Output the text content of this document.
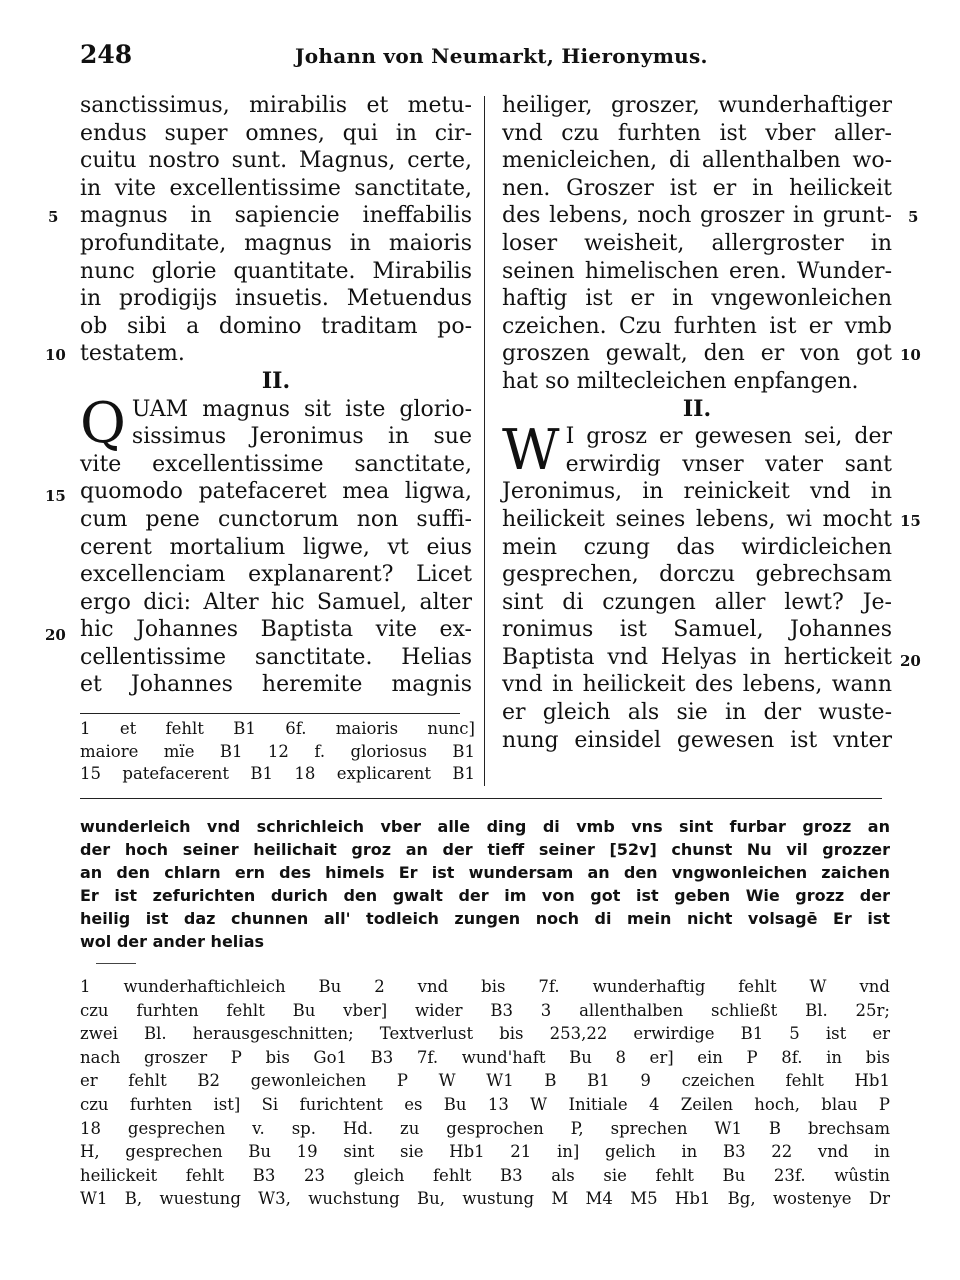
248	Johann von Neumarkt, Hieronymus.
sanctissimus, mirabilis et metu-
endus super omnes, qui in cir-
cuitu nostro sunt. Magnus, certe,
in vite excellentissime sanctitate,
magnus in sapiencie ineffabilis
profunditate, magnus in maioris
nunc glorie quantitate. Mirabilis
in prodigijs insuetis. Metuendus
ob sibi a domino traditam po-
testatem.
II.
Q UAM magnus sit iste glorio-
sissimus Jeronimus in sue
vite excellentissime sanctitate,
quomodo patefaceret mea ligwa,
cum pene cunctorum non suffi-
cerent mortalium ligwe, vt eius
excellenciam explanarent? Licet
ergo dici: Alter hic Samuel, alter
hic Johannes Baptista vite ex-
cellentissime sanctitate. Helias
et Johannes heremite magnis
heiliger, groszer, wunderhaftiger
vnd czu furhten ist vber aller-
menicleichen, di allenthalben wo-
nen. Groszer ist er in heilickeit
des lebens, noch groszer in grunt-
loser weisheit, allergroster in
seinen himelischen eren. Wunder-
haftig ist er in vngewonleichen
czeichen. Czu furhten ist er vmb
groszen gewalt, den er von got
hat so miltecleichen enpfangen.
II.
W I grosz er gewesen sei, der
erwirdig vnser vater sant
Jeronimus, in reinickeit vnd in
heilickeit seines lebens, wi mocht
mein czung das wirdicleichen
gesprechen, dorczu gebrechsam
sint di czungen aller lewt? Je-
ronimus ist Samuel, Johannes
Baptista vnd Helyas in hertickeit
vnd in heilickeit des lebens, wann
er gleich als sie in der wuste-
nung einsidel gewesen ist vnter
5
10
15
20
5
10
15
20
1 et fehlt B1 6f. maioris nunc]
maiore mïe B1 12 f. gloriosus B1
15 patefacerent B1 18 explicarent B1
wunderleich vnd schrichleich vber alle ding di vmb vns sint furbar grozz an
der hoch seiner heilichait groz an der tieff seiner [52v] chunst Nu vil grozzer
an den chlarn ern des himels Er ist wundersam an den vngwonleichen zaichen
Er ist zefurichten durich den gwalt der im von got ist geben Wie grozz der
heilig ist daz chunnen all' todleich zungen noch di mein nicht volsagē Er ist
wol der ander helias
1 wunderhaftichleich Bu 2 vnd bis 7f. wunderhaftig fehlt W vnd
czu furhten fehlt Bu vber] wider B3 3 allenthalben schließt Bl. 25r;
zwei Bl. herausgeschnitten; Textverlust bis 253,22 erwirdige B1 5 ist er
nach groszer P bis Go1 B3 7f. wund'haft Bu 8 er] ein P 8f. in bis
er fehlt B2 gewonleichen P W W1 B B1 9 czeichen fehlt Hb1
czu furhten ist] Si furichtent es Bu 13 W Initiale 4 Zeilen hoch, blau P
18 gesprechen v. sp. Hd. zu gesprochen P, sprechen W1 B brechsam
H, gesprechen Bu 19 sint sie Hb1 21 in] gelich in B3 22 vnd in
heilickeit fehlt B3 23 gleich fehlt B3 als sie fehlt Bu 23f. wûstin
W1 B, wuestung W3, wuchstung Bu, wustung M M4 M5 Hb1 Bg, wostenye Dr
